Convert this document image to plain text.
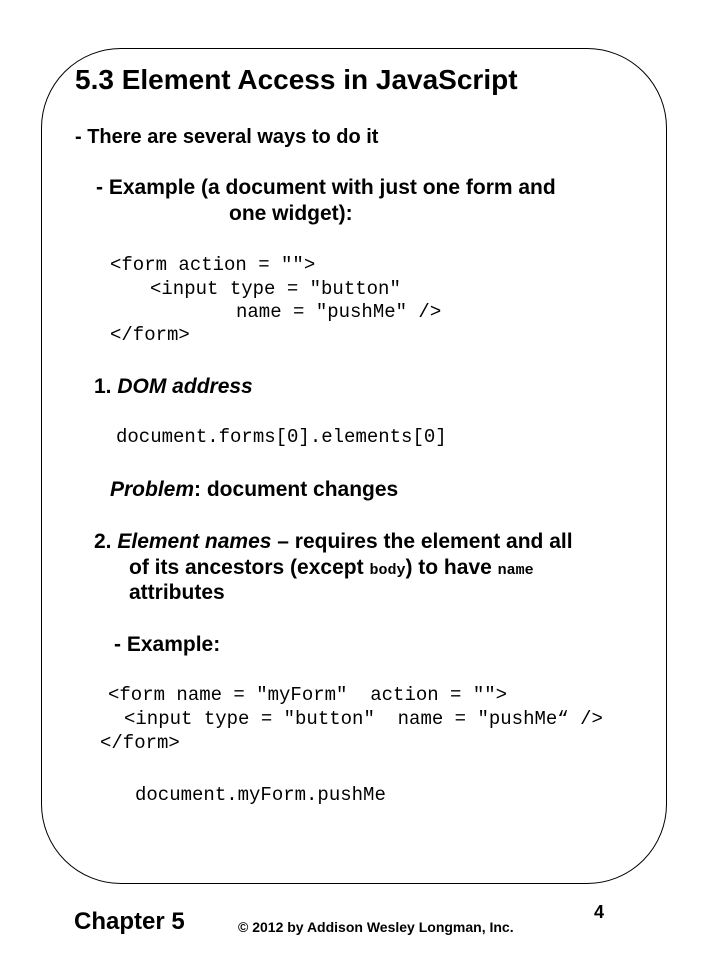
5.3 Element Access in JavaScript
- There are several ways to do it
- Example (a document with just one form and
one widget):
<form action = "">
<input type = "button"
name = "pushMe" />
</form>
1. DOM address
document.forms[0].elements[0]
Problem: document changes
2. Element names – requires the element and all
of its ancestors (except body) to have name
attributes
- Example:
<form name = "myForm"  action = "">
<input type = "button"  name = "pushMe“ />
</form>
document.myForm.pushMe
Chapter 5	© 2012 by Addison Wesley Longman, Inc.
4
